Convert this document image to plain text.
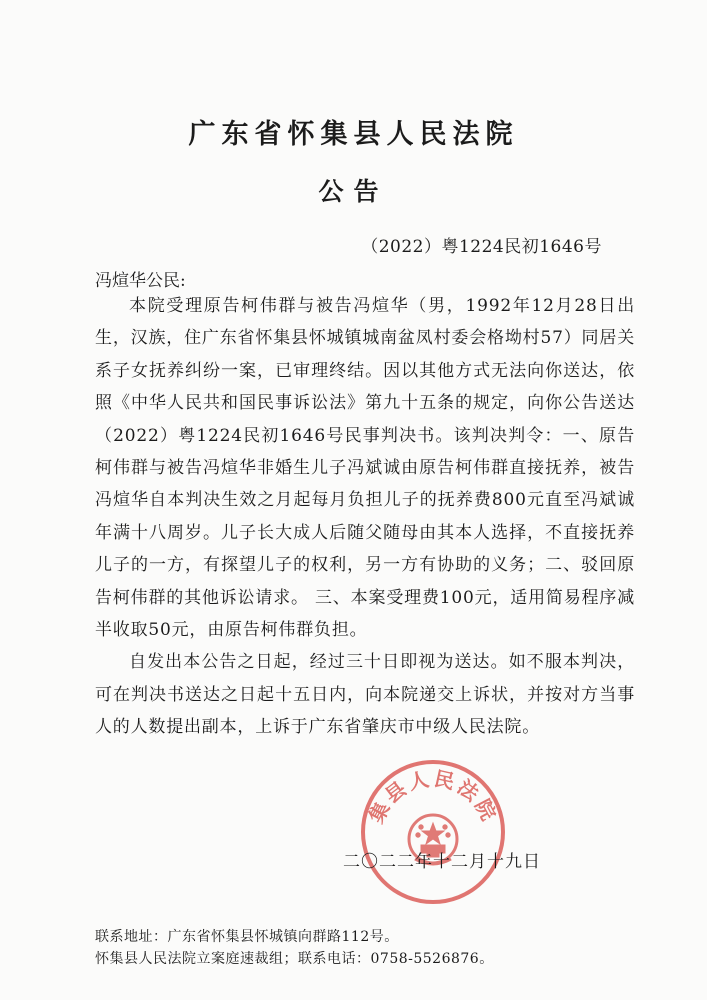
广东省怀集县人民法院
公告
（2022）粤1224民初1646号
冯煊华公民:

本院受理原告柯伟群与被告冯煊华（男，1992年12月28日出生，汉族，住广东省怀集县怀城镇城南盆凤村委会格坳村57）同居关系子女抚养纠纷一案，已审理终结。因以其他方式无法向你送达，依照《中华人民共和国民事诉讼法》第九十五条的规定，向你公告送达（2022）粤1224民初1646号民事判决书。该判决判令：一、原告柯伟群与被告冯煊华非婚生儿子冯斌诚由原告柯伟群直接抚养，被告冯煊华自本判决生效之月起每月负担儿子的抚养费800元直至冯斌诚年满十八周岁。儿子长大成人后随父随母由其本人选择，不直接抚养儿子的一方，有探望儿子的权利，另一方有协助的义务；二、驳回原告柯伟群的其他诉讼请求。 三、本案受理费100元，适用简易程序减半收取50元，由原告柯伟群负担。

自发出本公告之日起，经过三十日即视为送达。如不服本判决，可在判决书送达之日起十五日内，向本院递交上诉状，并按对方当事人的人数提出副本，上诉于广东省肇庆市中级人民法院。

集县人民法院
二〇二二年十二月十九日
联系地址：广东省怀集县怀城镇向群路112号。
怀集县人民法院立案庭速裁组；联系电话：0758-5526876。
